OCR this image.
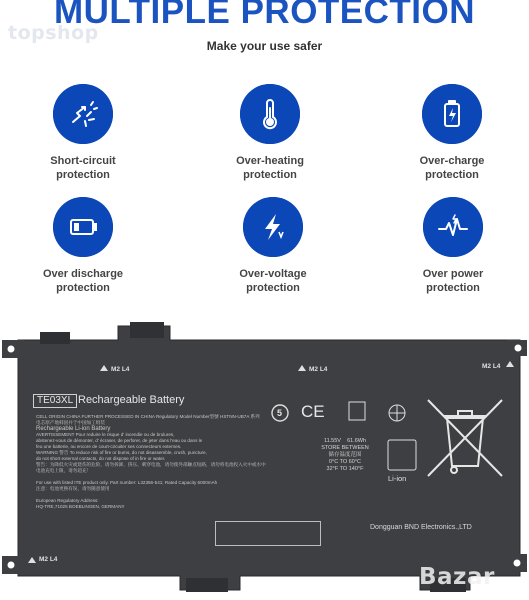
topshop
MULTIPLE PROTECTION
Make your use safer
Short-circuit
protection
Over-heating
protection
Over-charge
protection
Over discharge
protection
Over-voltage
protection
Over power
protection
M2 L4	M2 L4	M2 L4
M2 L4
TE03XL Rechargeable Battery
CELL ORIGIN CHINA FURTHER PROCESSED IN CHINA Regulatory Model Number型號 HSTNN-UB7A 系列
电芯原产地韩国并于中国加工组装
Rechargeable Li-ion Battery
AVERTISSEMENT Pour reduire le risque d' incendie ou de brulures,
abstenez-vous de démonter, d' écraser, de perforer, de jeter dans l'eau ou dans le
feu une batterie, ou encore de court-circuiter ses connecteurs externes.
WARNING 警告 To reduce risk of fire or burns, do not disassemble, crush, puncture,
do not short external contacts, do not dispose of in fire or water.
警告：为降低火灾或烧伤的危险，请勿拆卸、挤压、刺穿电池，请勿使外部触点短路，请勿将电池投入火中或水中
电池充电上限，请勿超充！
For use with listed ITE product only. Part number: L32356-541; Rated Capacity 6000mAh
注意：电池更换有误，请勿随意使用
European Regulatory Address:
HQ-TRE,71025 BOEBLINGEN, GERMANY
5 CE
11.55V 61.6Wh
STORE BETWEEN
储存温度范围
0°C TO 60°C
32°F TO 140°F
Li-ion
Dongguan BND Electronics.,LTD
Bazar
